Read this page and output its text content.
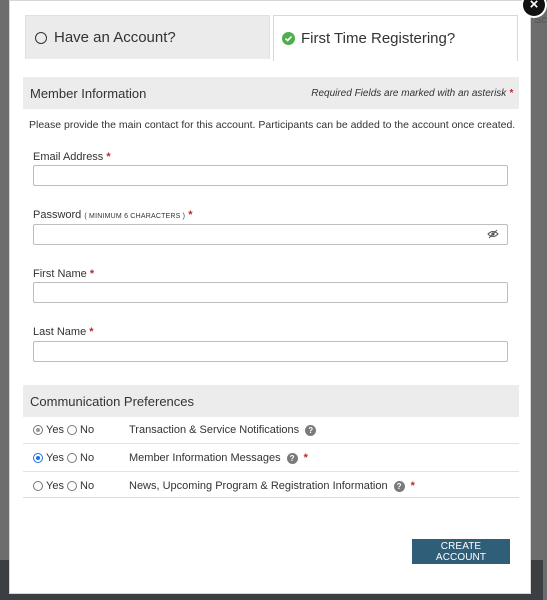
Sc
Have an Account?	First Time Registering?
Member Information	Required Fields are marked with an asterisk *
Please provide the main contact for this account. Participants can be added to the account once created.
Email Address *
Password ( MINIMUM 6 CHARACTERS ) *
First Name *
Last Name *
Communication Preferences
Yes No	Transaction & Service Notifications	?
Yes No	Member Information Messages	? *
Yes No	News, Upcoming Program & Registration Information	? *
CREATE ACCOUNT
×
